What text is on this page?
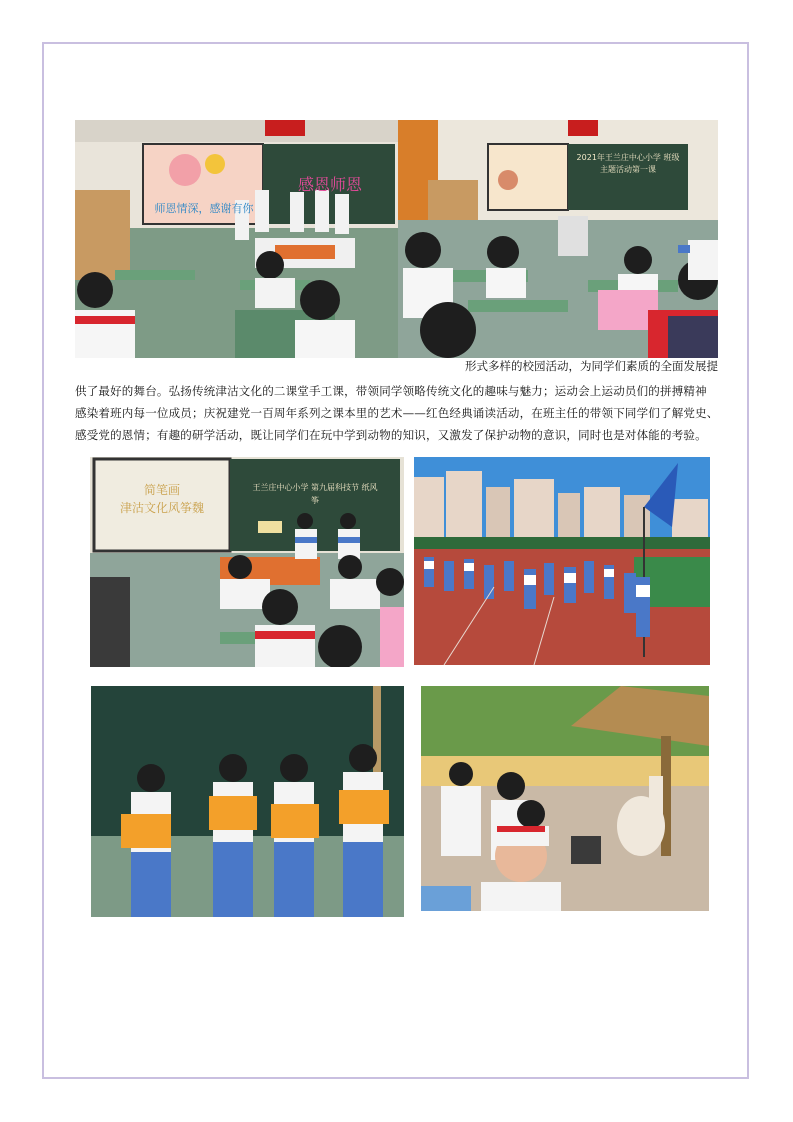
师恩情深，感谢有你
感恩师恩
2021年王兰庄中心小学 班级主题活动第一课
形式多样的校园活动，为同学们素质的全面发展提
供了最好的舞台。弘扬传统津沽文化的二课堂手工课，带领同学领略传统文化的趣味与魅力；运动会上运动员们的拼搏精神
感染着班内每一位成员；庆祝建党一百周年系列之课本里的艺术——红色经典诵读活动，在班主任的带领下同学们了解党史、
感受党的恩情；有趣的研学活动，既让同学们在玩中学到动物的知识，又激发了保护动物的意识，同时也是对体能的考验。
简笔画
津沽文化风筝魏
王兰庄中心小学 第九届科技节 纸风筝
